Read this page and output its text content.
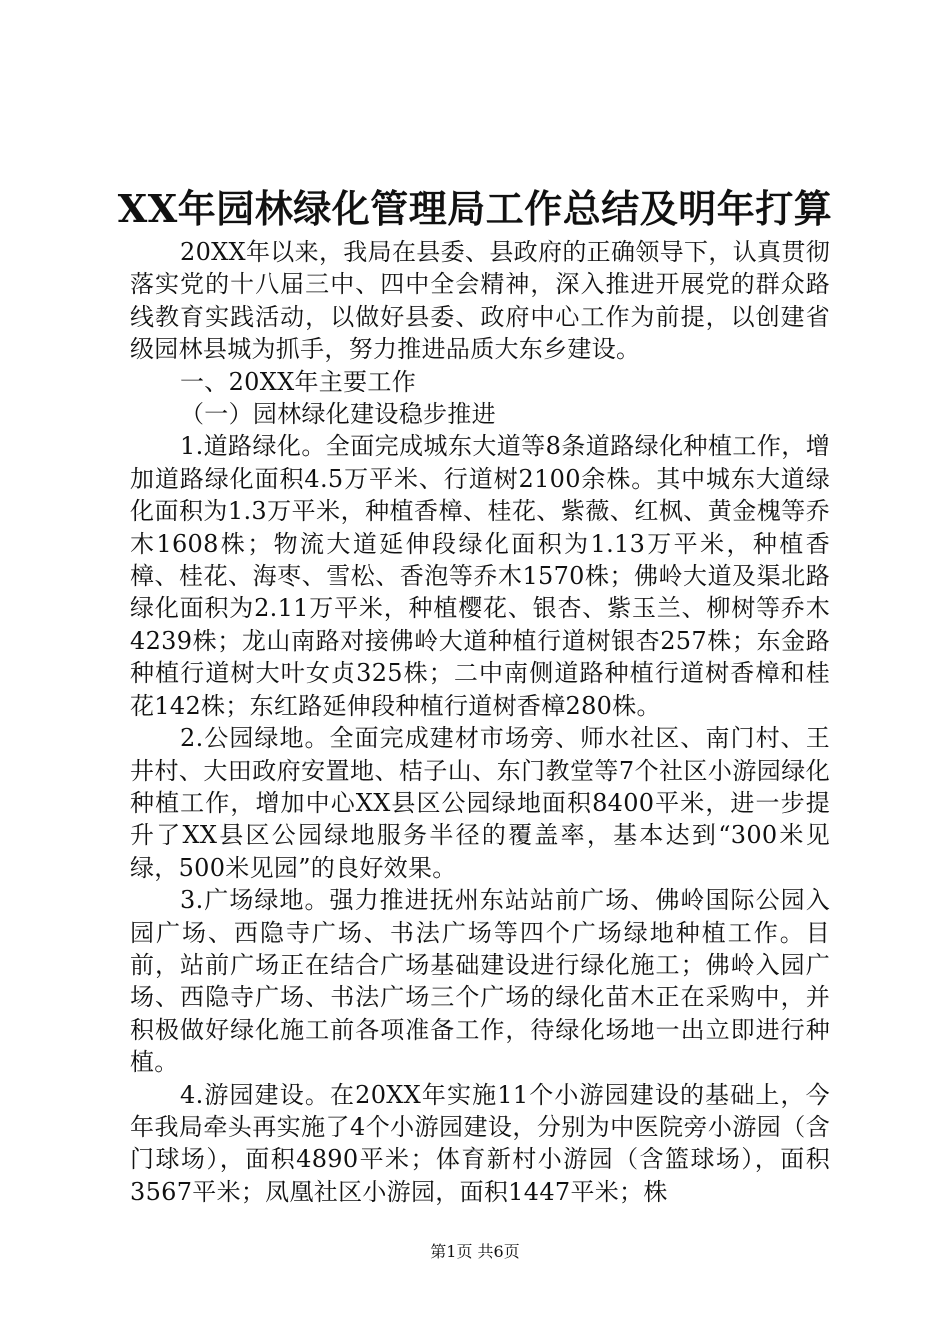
XX年园林绿化管理局工作总结及明年打算

20XX年以来，我局在县委、县政府的正确领导下，认真贯彻落实党的十八届三中、四中全会精神，深入推进开展党的群众路线教育实践活动，以做好县委、政府中心工作为前提，以创建省级园林县城为抓手，努力推进品质大东乡建设。

一、20XX年主要工作

（一）园林绿化建设稳步推进

1.道路绿化。全面完成城东大道等8条道路绿化种植工作，增加道路绿化面积4.5万平米、行道树2100余株。其中城东大道绿化面积为1.3万平米，种植香樟、桂花、紫薇、红枫、黄金槐等乔木1608株；物流大道延伸段绿化面积为1.13万平米，种植香樟、桂花、海枣、雪松、香泡等乔木1570株；佛岭大道及渠北路绿化面积为2.11万平米，种植樱花、银杏、紫玉兰、柳树等乔木4239株；龙山南路对接佛岭大道种植行道树银杏257株；东金路种植行道树大叶女贞325株；二中南侧道路种植行道树香樟和桂花142株；东红路延伸段种植行道树香樟280株。

2.公园绿地。全面完成建材市场旁、师水社区、南门村、王井村、大田政府安置地、桔子山、东门教堂等7个社区小游园绿化种植工作，增加中心XX县区公园绿地面积8400平米，进一步提升了XX县区公园绿地服务半径的覆盖率，基本达到“300米见绿，500米见园”的良好效果。

3.广场绿地。强力推进抚州东站站前广场、佛岭国际公园入园广场、西隐寺广场、书法广场等四个广场绿地种植工作。目前，站前广场正在结合广场基础建设进行绿化施工；佛岭入园广场、西隐寺广场、书法广场三个广场的绿化苗木正在采购中，并积极做好绿化施工前各项准备工作，待绿化场地一出立即进行种植。

4.游园建设。在20XX年实施11个小游园建设的基础上，今年我局牵头再实施了4个小游园建设，分别为中医院旁小游园（含门球场），面积4890平米；体育新村小游园（含篮球场），面积3567平米；凤凰社区小游园，面积1447平米；株

第1页 共6页
